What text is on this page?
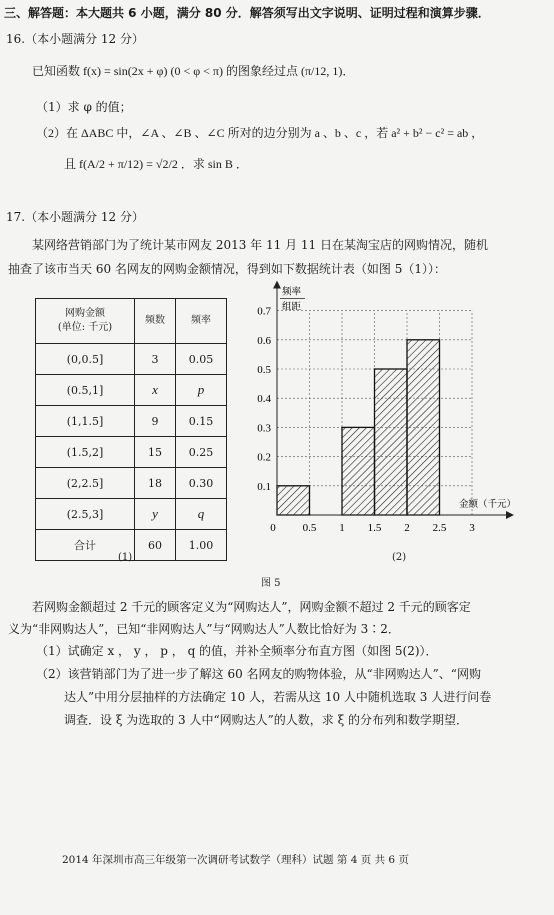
三、解答题：本大题共 6 小题，满分 80 分．解答须写出文字说明、证明过程和演算步骤．
16.（本小题满分 12 分）
已知函数 f(x) = sin(2x + φ) (0 < φ < π) 的图象经过点 (π/12, 1)．
（1）求 φ 的值；
（2）在 ΔABC 中，∠A 、∠B 、∠C 所对的边分别为 a 、b 、c ，若 a² + b² − c² = ab ，
且 f(A/2 + π/12) = √2/2 ．求 sin B ．
17.（本小题满分 12 分）
某网络营销部门为了统计某市网友 2013 年 11 月 11 日在某淘宝店的网购情况，随机
抽查了该市当天 60 名网友的网购金额情况，得到如下数据统计表（如图 5（1））：
网购金额
(单位: 千元)	频数	频率
(0,0.5]	3	0.05
(0.5,1]	x	p
(1,1.5]	9	0.15
(1.5,2]	15	0.25
(2,2.5]	18	0.30
(2.5,3]	y	q
合计	60	1.00
0.1
0.2
0.3
0.4
0.5
0.6
0.7
0 0.5 1 1.5 2 2.5 3
频率
组距
金额（千元）
(1)	(2)
图 5
若网购金额超过 2 千元的顾客定义为“网购达人”，网购金额不超过 2 千元的顾客定
义为“非网购达人”，已知“非网购达人”与“网购达人”人数比恰好为 3∶2．
（1）试确定 x ， y ， p ， q 的值，并补全频率分布直方图（如图 5(2)）．
（2）该营销部门为了进一步了解这 60 名网友的购物体验，从“非网购达人”、“网购
达人”中用分层抽样的方法确定 10 人，若需从这 10 人中随机选取 3 人进行问卷
调查．设 ξ 为选取的 3 人中“网购达人”的人数，求 ξ 的分布列和数学期望．
2014 年深圳市高三年级第一次调研考试数学（理科）试题 第 4 页 共 6 页
